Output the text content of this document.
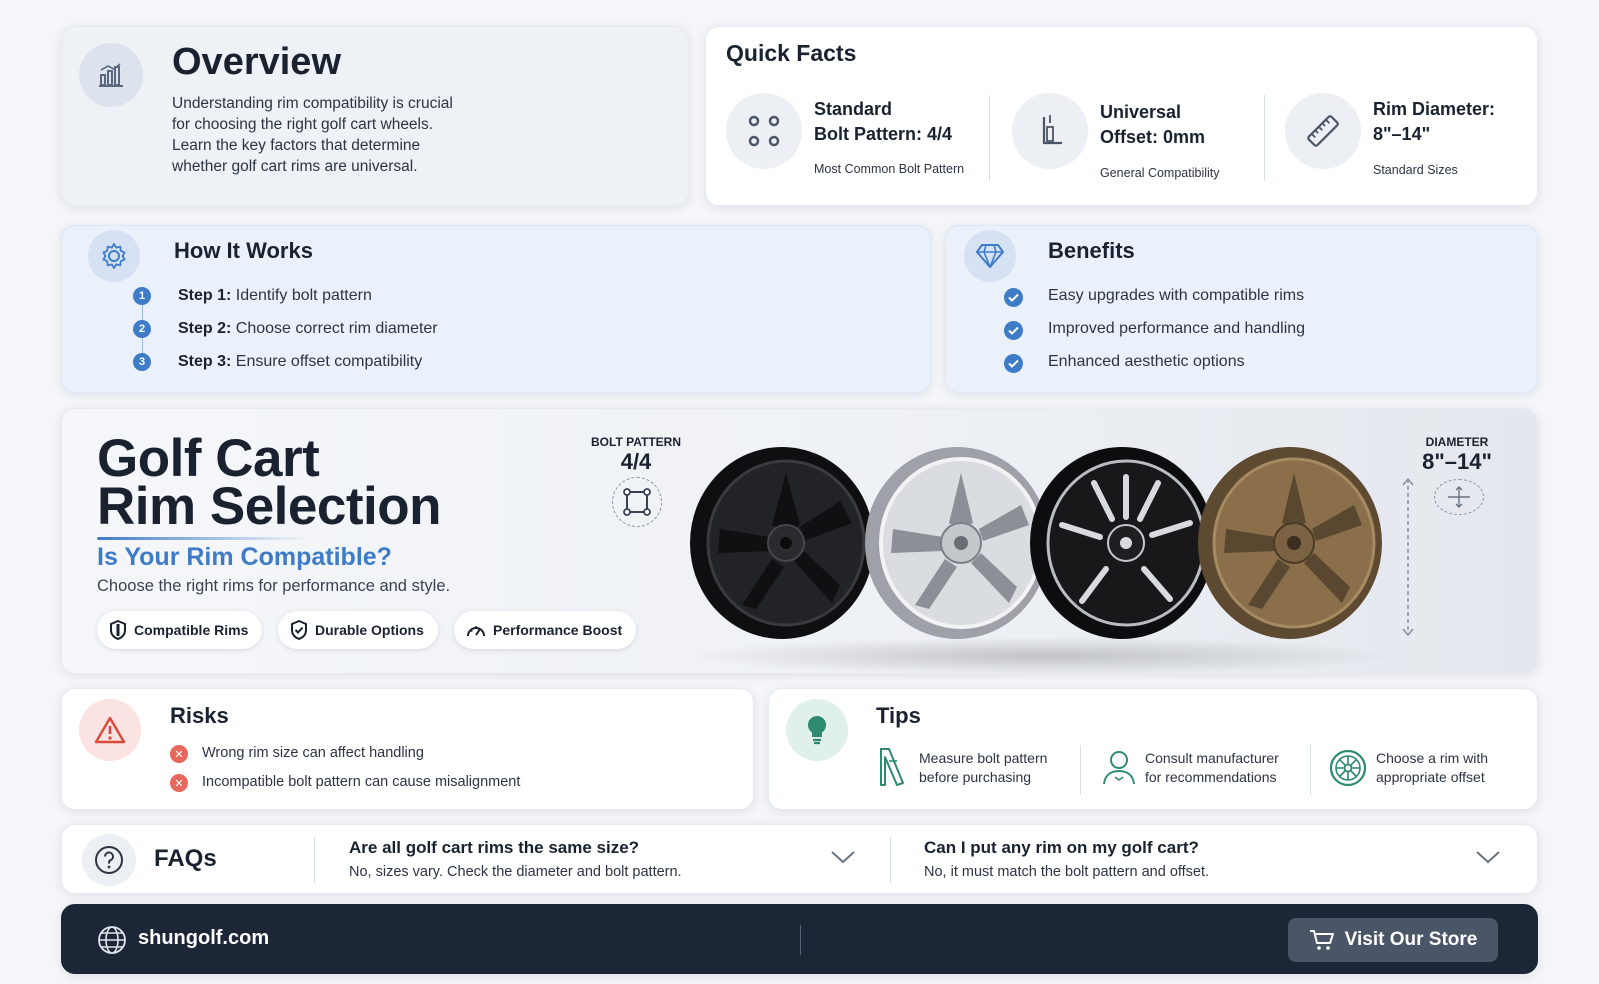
Overview
Understanding rim compatibility is crucial
for choosing the right golf cart wheels.
Learn the key factors that determine
whether golf cart rims are universal.
Quick Facts
Standard
Bolt Pattern: 4/4
Most Common Bolt Pattern
Universal
Offset: 0mm
General Compatibility
Rim Diameter:
8"–14"
Standard Sizes
How It Works
1	Step 1: Identify bolt pattern
2	Step 2: Choose correct rim diameter
3	Step 3: Ensure offset compatibility
Benefits
Easy upgrades with compatible rims
Improved performance and handling
Enhanced aesthetic options
Golf Cart
Rim Selection
Is Your Rim Compatible?
Choose the right rims for performance and style.
Compatible Rims	Durable Options	Performance Boost
BOLT PATTERN
4/4
DIAMETER
8"–14"
Risks
✕	Wrong rim size can affect handling
✕	Incompatible bolt pattern can cause misalignment
Tips
Measure bolt pattern
before purchasing
Consult manufacturer
for recommendations
Choose a rim with
appropriate offset
FAQs	Are all golf cart rims the same size?
No, sizes vary. Check the diameter and bolt pattern.
Can I put any rim on my golf cart?
No, it must match the bolt pattern and offset.
shungolf.com	Visit Our Store
